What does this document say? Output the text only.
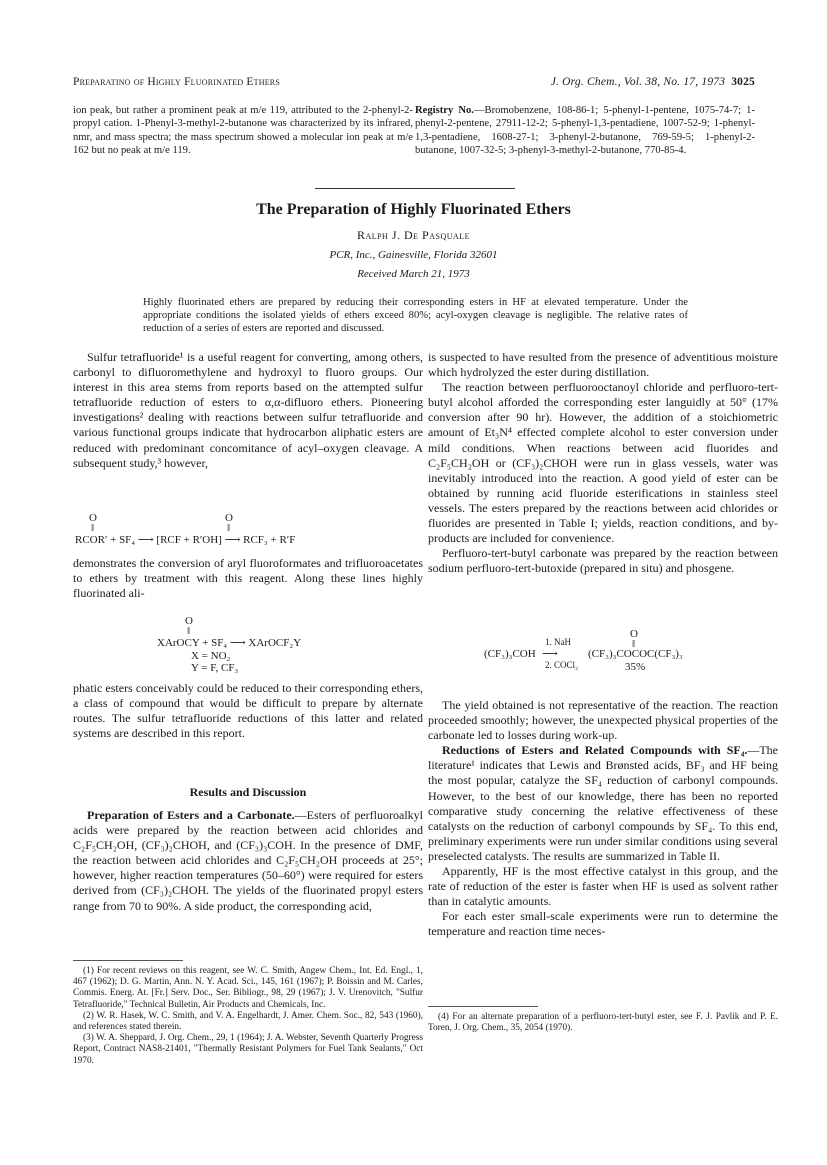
Preparatino of Highly Fluorinated Ethers	J. Org. Chem., Vol. 38, No. 17, 1973 3025
ion peak, but rather a prominent peak at m/e 119, attributed to the 2-phenyl-2-propyl cation. 1-Phenyl-3-methyl-2-butanone was characterized by its infrared, nmr, and mass spectra; the mass spectrum showed a molecular ion peak at m/e 162 but no peak at m/e 119.
Registry No.—Bromobenzene, 108-86-1; 5-phenyl-1-pentene, 1075-74-7; 1-phenyl-2-pentene, 27911-12-2; 5-phenyl-1,3-pentadiene, 1007-52-9; 1-phenyl-1,3-pentadiene, 1608-27-1; 3-phenyl-2-butanone, 769-59-5; 1-phenyl-2-butanone, 1007-32-5; 3-phenyl-3-methyl-2-butanone, 770-85-4.
The Preparation of Highly Fluorinated Ethers
Ralph J. De Pasquale
PCR, Inc., Gainesville, Florida 32601
Received March 21, 1973
Highly fluorinated ethers are prepared by reducing their corresponding esters in HF at elevated temperature. Under the appropriate conditions the isolated yields of ethers exceed 80%; acyl-oxygen cleavage is negligible. The relative rates of reduction of a series of esters are reported and discussed.

Sulfur tetrafluoride¹ is a useful reagent for converting, among others, carbonyl to difluoromethylene and hydroxyl to fluoro groups. Our interest in this area stems from reports based on the attempted sulfur tetrafluoride reduction of esters to α,α-difluoro ethers. Pioneering investigations² dealing with reactions between sulfur tetrafluoride and various functional groups indicate that hydrocarbon aliphatic esters are reduced with predominant concomitance of acyl–oxygen cleavage. A subsequent study,³ however,

O
‖
O
‖
RCOR′ + SF₄ ⟶ [RCF + R′OH] ⟶ RCF₃ + R′F

demonstrates the conversion of aryl fluoroformates and trifluoroacetates to ethers by treatment with this reagent. Along these lines highly fluorinated ali-

O
‖
XArOCY + SF₄ ⟶ XArOCF₂Y
X = NO₂
Y = F, CF₃

phatic esters conceivably could be reduced to their corresponding ethers, a class of compound that would be difficult to prepare by alternate routes. The sulfur tetrafluoride reductions of this latter and related systems are described in this report.

Results and Discussion

Preparation of Esters and a Carbonate.—Esters of perfluoroalkyl acids were prepared by the reaction between acid chlorides and C₂F₅CH₂OH, (CF₃)₂CHOH, and (CF₃)₃COH. In the presence of DMF, the reaction between acid chlorides and C₂F₅CH₂OH proceeds at 25°; however, higher reaction temperatures (50–60°) were required for esters derived from (CF₃)₂CHOH. The yields of the fluorinated propyl esters range from 70 to 90%. A side product, the corresponding acid,

(1) For recent reviews on this reagent, see W. C. Smith, Angew Chem., Int. Ed. Engl., 1, 467 (1962); D. G. Martin, Ann. N. Y. Acad. Sci., 145, 161 (1967); P. Boissin and M. Carles, Commis. Energ. At. [Fr.] Serv. Doc., Ser. Bibliogr., 98, 29 (1967); J. V. Urenovitch, "Sulfur Tetrafluoride," Technical Bulletin, Air Products and Chemicals, Inc.

(2) W. R. Hasek, W. C. Smith, and V. A. Engelhardt, J. Amer. Chem. Soc., 82, 543 (1960), and references stated therein.

(3) W. A. Sheppard, J. Org. Chem., 29, 1 (1964); J. A. Webster, Seventh Quarterly Progress Report, Contract NAS8-21401, "Thermally Resistant Polymers for Fuel Tank Sealants," Oct 1970.

is suspected to have resulted from the presence of adventitious moisture which hydrolyzed the ester during distillation.

The reaction between perfluorooctanoyl chloride and perfluoro-tert-butyl alcohol afforded the corresponding ester languidly at 50° (17% conversion after 90 hr). However, the addition of a stoichiometric amount of Et₃N⁴ effected complete alcohol to ester conversion under mild conditions. When reactions between acid fluorides and C₂F₅CH₂OH or (CF₃)₂CHOH were run in glass vessels, water was inevitably introduced into the reaction. A good yield of ester can be obtained by running acid fluoride esterifications in stainless steel vessels. The esters prepared by the reactions between acid chlorides or fluorides are presented in Table I; yields, reaction conditions, and by-products are included for convenience.

Perfluoro-tert-butyl carbonate was prepared by the reaction between sodium perfluoro-tert-butoxide (prepared in situ) and phosgene.

O
‖
(CF₃)₃COH
1. NaH
⟶
2. COCl₂
(CF₃)₃COCOC(CF₃)₃
35%

The yield obtained is not representative of the reaction. The reaction proceeded smoothly; however, the unexpected physical properties of the carbonate led to losses during work-up.

Reductions of Esters and Related Compounds with SF₄.—The literature¹ indicates that Lewis and Brønsted acids, BF₃ and HF being the most popular, catalyze the SF₄ reduction of carbonyl compounds. However, to the best of our knowledge, there has been no reported comparative study concerning the relative effectiveness of these catalysts on the reduction of carbonyl compounds by SF₄. To this end, preliminary experiments were run under similar conditions using several preselected catalysts. The results are summarized in Table II.

Apparently, HF is the most effective catalyst in this group, and the rate of reduction of the ester is faster when HF is used as solvent rather than in catalytic amounts.

For each ester small-scale experiments were run to determine the temperature and reaction time neces-

(4) For an alternate preparation of a perfluoro-tert-butyl ester, see F. J. Pavlik and P. E. Toren, J. Org. Chem., 35, 2054 (1970).
